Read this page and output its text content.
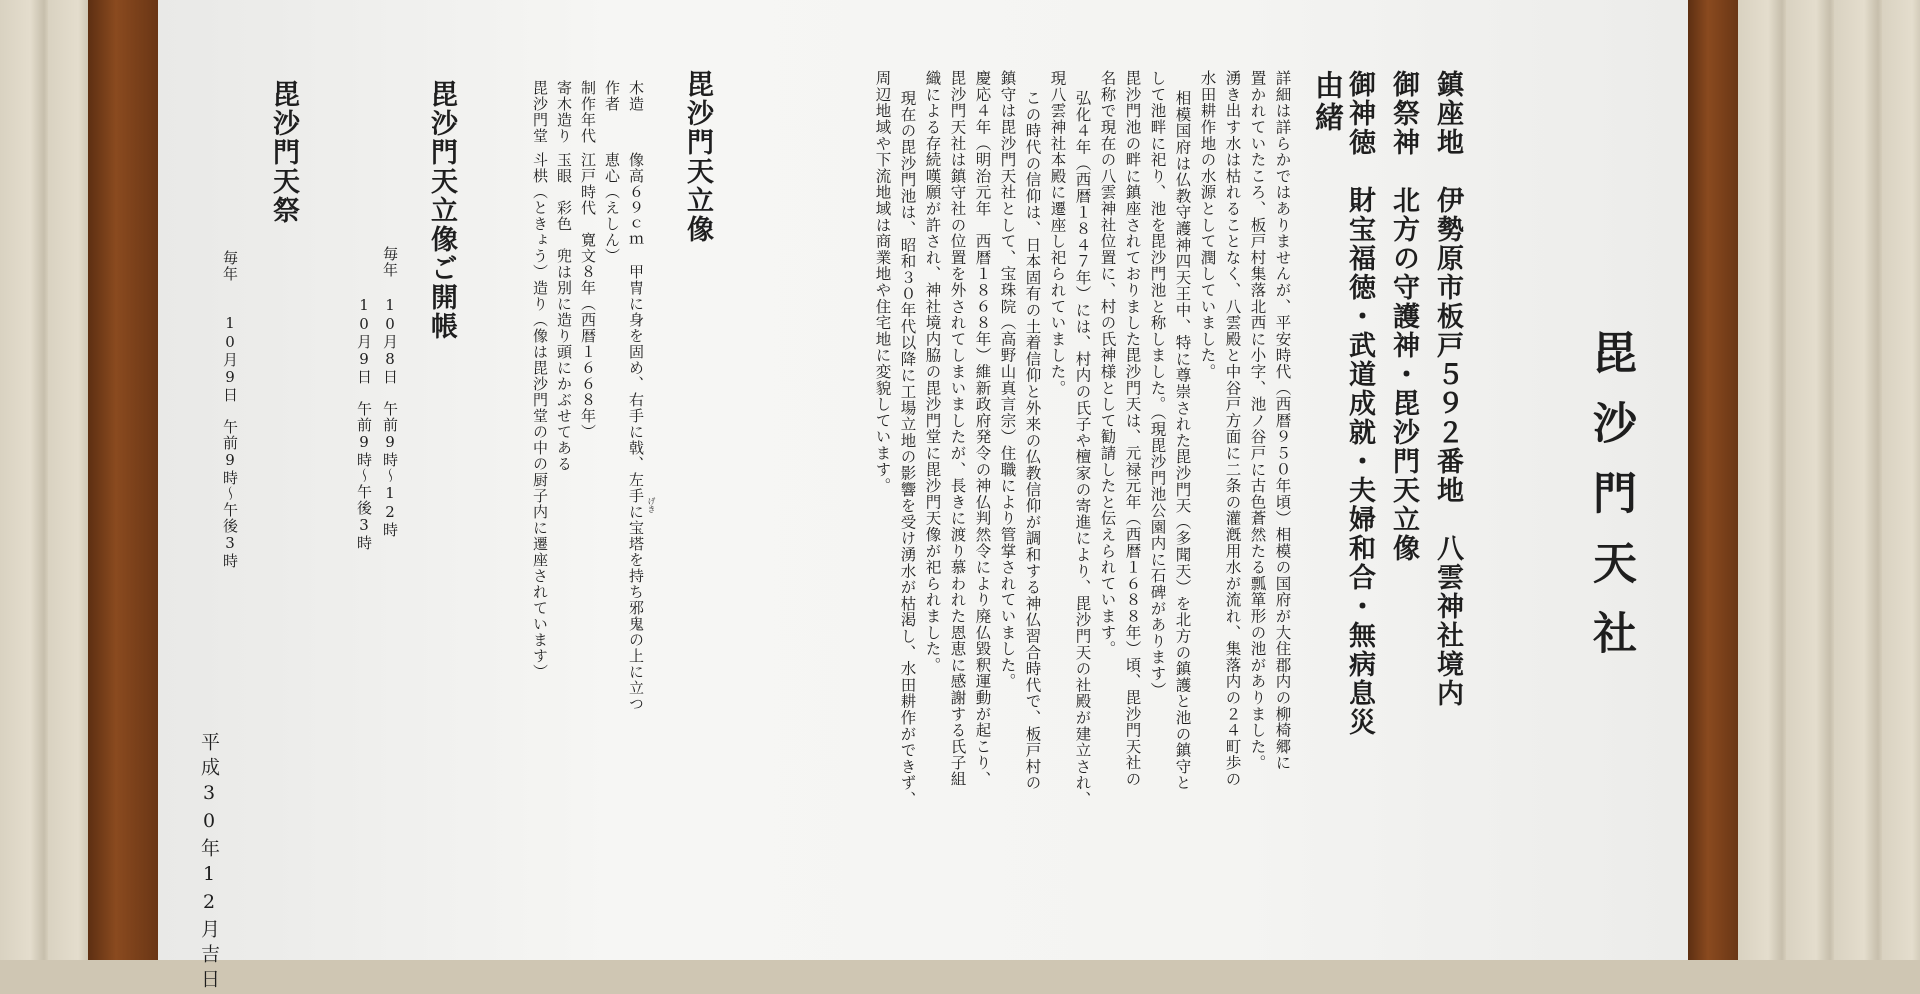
毘沙門天社

鎮座地　伊勢原市板戸５９２番地　八雲神社境内

御祭神　北方の守護神・毘沙門天立像

御神徳　財宝福徳・武道成就・夫婦和合・無病息災

由緒

詳細は詳らかではありませんが、平安時代（西暦９５０年頃）相模の国府が大住郡内の柳椅郷に

置かれていたころ、板戸村集落北西に小字、池ノ谷戸に古色蒼然たる瓢箪形の池がありました。

湧き出す水は枯れることなく、八雲殿と中谷戸方面に二条の灌漑用水が流れ、集落内の２４町歩の

水田耕作地の水源として潤していました。

相模国府は仏教守護神四天王中、特に尊崇された毘沙門天（多聞天）を北方の鎮護と池の鎮守と

して池畔に祀り、池を毘沙門池と称しました。（現毘沙門池公園内に石碑があります）

毘沙門池の畔に鎮座されておりました毘沙門天は、元禄元年（西暦１６８８年）頃、毘沙門天社の

名称で現在の八雲神社位置に、村の氏神様として勧請したと伝えられています。

弘化４年（西暦１８４７年）には、村内の氏子や檀家の寄進により、毘沙門天の社殿が建立され、

現八雲神社本殿に遷座し祀られていました。

この時代の信仰は、日本固有の土着信仰と外来の仏教信仰が調和する神仏習合時代で、板戸村の

鎮守は毘沙門天社として、宝珠院（高野山真言宗）住職により管掌されていました。

慶応４年（明治元年　西暦１８６８年）維新政府発令の神仏判然令により廃仏毀釈運動が起こり、

毘沙門天社は鎮守社の位置を外されてしまいましたが、長きに渡り慕われた恩恵に感謝する氏子組

織による存続嘆願が許され、神社境内脇の毘沙門堂に毘沙門天像が祀られました。

現在の毘沙門池は、昭和３０年代以降に工場立地の影響を受け湧水が枯渇し、水田耕作ができず、

周辺地域や下流地域は商業地や住宅地に変貌しています。

毘沙門天立像

木造

像高６９ｃｍ　甲冑に身を固め、右手に戟、左手に宝塔を持ち邪鬼の上に立つ げき

作者

恵心（えしん）

制作年代

江戸時代　寛文８年（西暦１６６８年）

寄木造り

玉眼　彩色　兜は別に造り頭にかぶせてある

毘沙門堂

斗栱（ときょう）造り（像は毘沙門堂の中の厨子内に遷座されています）

毘沙門天立像ご開帳

毎年

10月8日　午前9時〜12時

10月9日　午前9時〜午後3時

毘沙門天祭

毎年　　10月9日　午前9時〜午後3時

平成30年12月吉日
